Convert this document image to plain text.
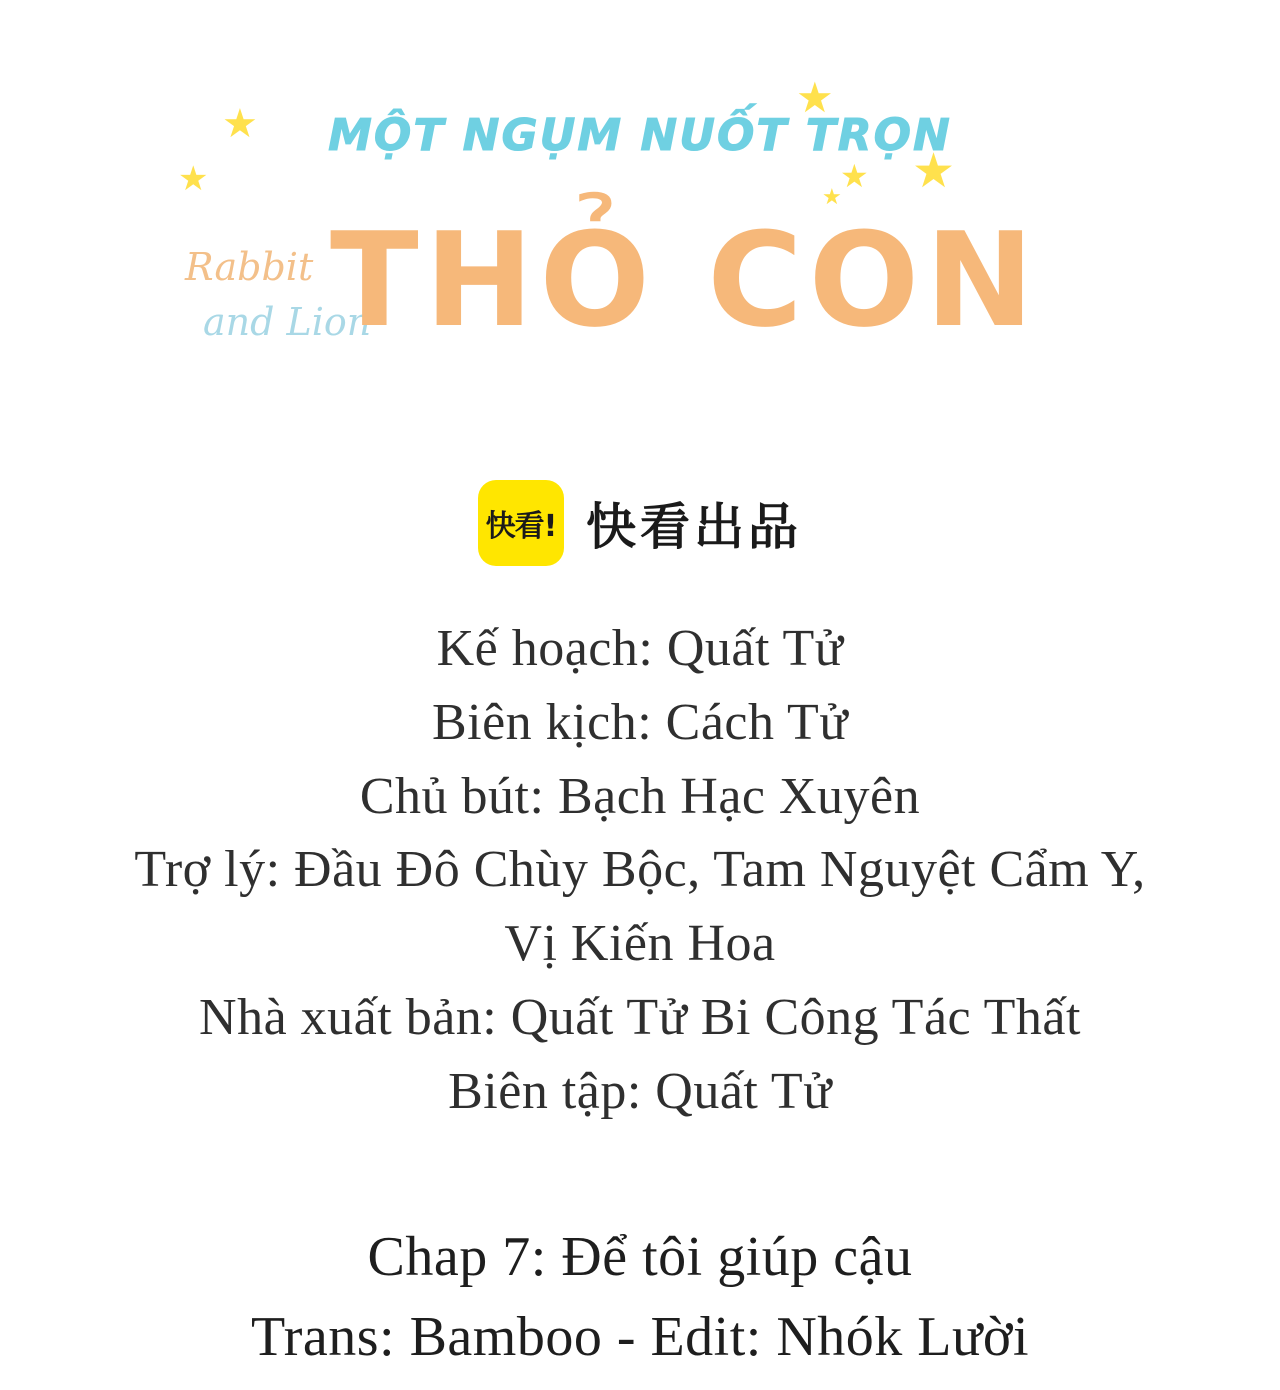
★
★
★
★ ★
★
MỘT NGỤM NUỐT TRỌN
Rabbit
and Lion
THỎ CON
快看! 快看出品
Kế hoạch: Quất Tử
Biên kịch: Cách Tử
Chủ bút: Bạch Hạc Xuyên
Trợ lý: Đầu Đô Chùy Bộc, Tam Nguyệt Cẩm Y,
Vị Kiến Hoa
Nhà xuất bản: Quất Tử Bi Công Tác Thất
Biên tập: Quất Tử
Chap 7: Để tôi giúp cậu
Trans: Bamboo - Edit: Nhók Lười
